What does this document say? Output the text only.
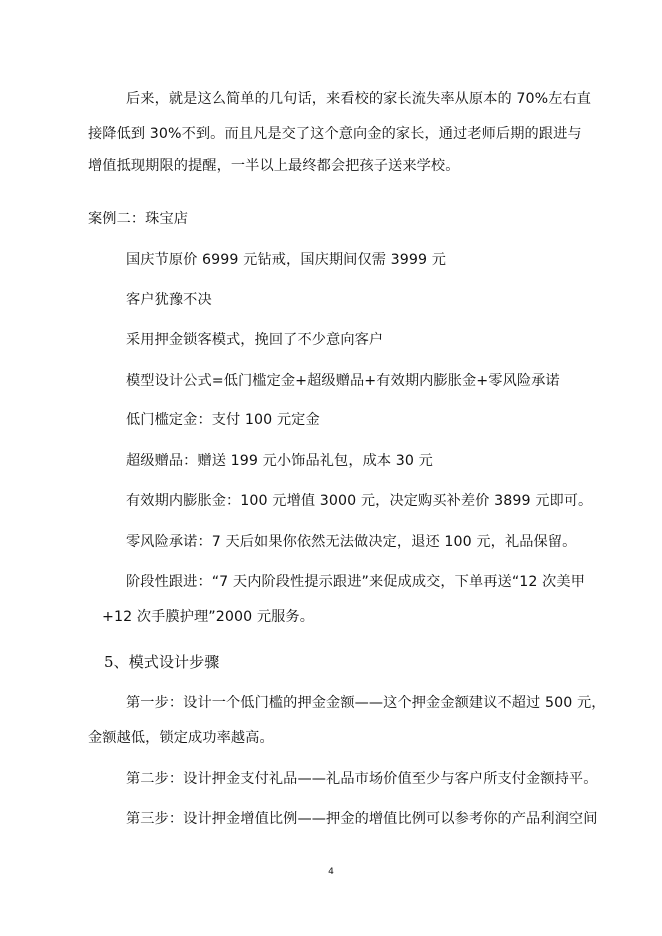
后来，就是这么简单的几句话，来看校的家长流失率从原本的 70%左右直
接降低到 30%不到。而且凡是交了这个意向金的家长，通过老师后期的跟进与
增值抵现期限的提醒，一半以上最终都会把孩子送来学校。
案例二：珠宝店
国庆节原价 6999 元钻戒，国庆期间仅需 3999 元
客户犹豫不决
采用押金锁客模式，挽回了不少意向客户
模型设计公式=低门槛定金+超级赠品+有效期内膨胀金+零风险承诺
低门槛定金：支付 100 元定金
超级赠品：赠送 199 元小饰品礼包，成本 30 元
有效期内膨胀金：100 元增值 3000 元，决定购买补差价 3899 元即可。
零风险承诺：7 天后如果你依然无法做决定，退还 100 元，礼品保留。
阶段性跟进：“7 天内阶段性提示跟进”来促成成交，下单再送“12 次美甲
+12 次手膜护理”2000 元服务。
5、模式设计步骤
第一步：设计一个低门槛的押金金额——这个押金金额建议不超过 500 元，
金额越低，锁定成功率越高。
第二步：设计押金支付礼品——礼品市场价值至少与客户所支付金额持平。
第三步：设计押金增值比例——押金的增值比例可以参考你的产品利润空间
4
